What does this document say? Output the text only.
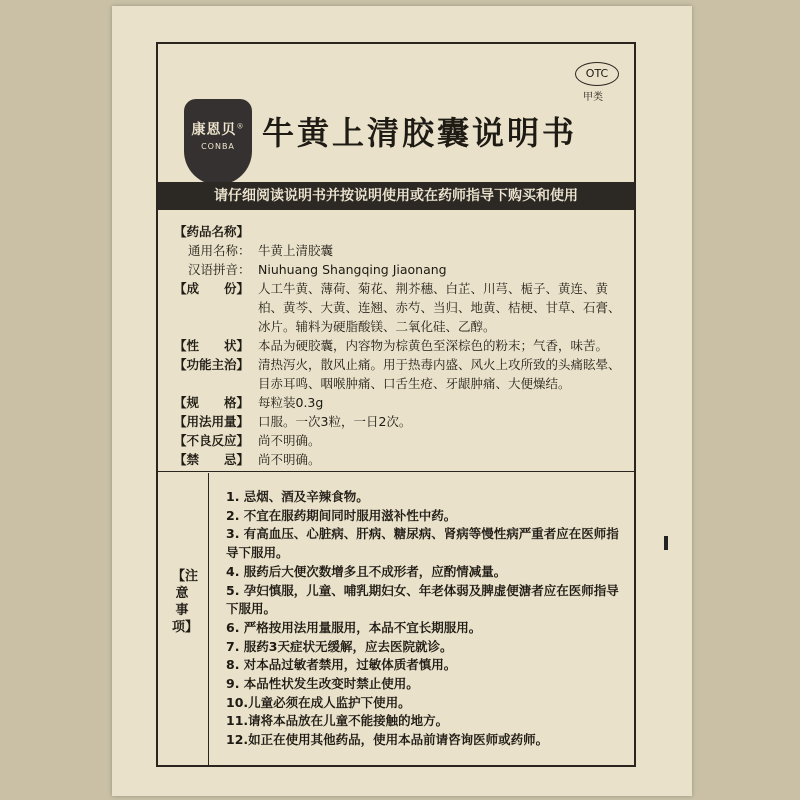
康恩贝®
CONBA 牛黄上清胶囊说明书
OTC
甲类
请仔细阅读说明书并按说明使用或在药师指导下购买和使用
【药品名称】
通用名称： 牛黄上清胶囊
汉语拼音： Niuhuang Shangqing Jiaonang
【成　　份】 人工牛黄、薄荷、菊花、荆芥穗、白芷、川芎、栀子、黄连、黄柏、黄芩、大黄、连翘、赤芍、当归、地黄、桔梗、甘草、石膏、冰片。辅料为硬脂酸镁、二氧化硅、乙醇。
【性　　状】 本品为硬胶囊，内容物为棕黄色至深棕色的粉末；气香，味苦。
【功能主治】 清热泻火，散风止痛。用于热毒内盛、风火上攻所致的头痛眩晕、目赤耳鸣、咽喉肿痛、口舌生疮、牙龈肿痛、大便燥结。
【规　　格】 每粒装0.3g
【用法用量】 口服。一次3粒，一日2次。
【不良反应】 尚不明确。
【禁　　忌】 尚不明确。
【注意事项】
1. 忌烟、酒及辛辣食物。
2. 不宜在服药期间同时服用滋补性中药。
3. 有高血压、心脏病、肝病、糖尿病、肾病等慢性病严重者应在医师指导下服用。
4. 服药后大便次数增多且不成形者，应酌情减量。
5. 孕妇慎服，儿童、哺乳期妇女、年老体弱及脾虚便溏者应在医师指导下服用。
6. 严格按用法用量服用，本品不宜长期服用。
7. 服药3天症状无缓解，应去医院就诊。
8. 对本品过敏者禁用，过敏体质者慎用。
9. 本品性状发生改变时禁止使用。
10.儿童必须在成人监护下使用。
11.请将本品放在儿童不能接触的地方。
12.如正在使用其他药品，使用本品前请咨询医师或药师。
